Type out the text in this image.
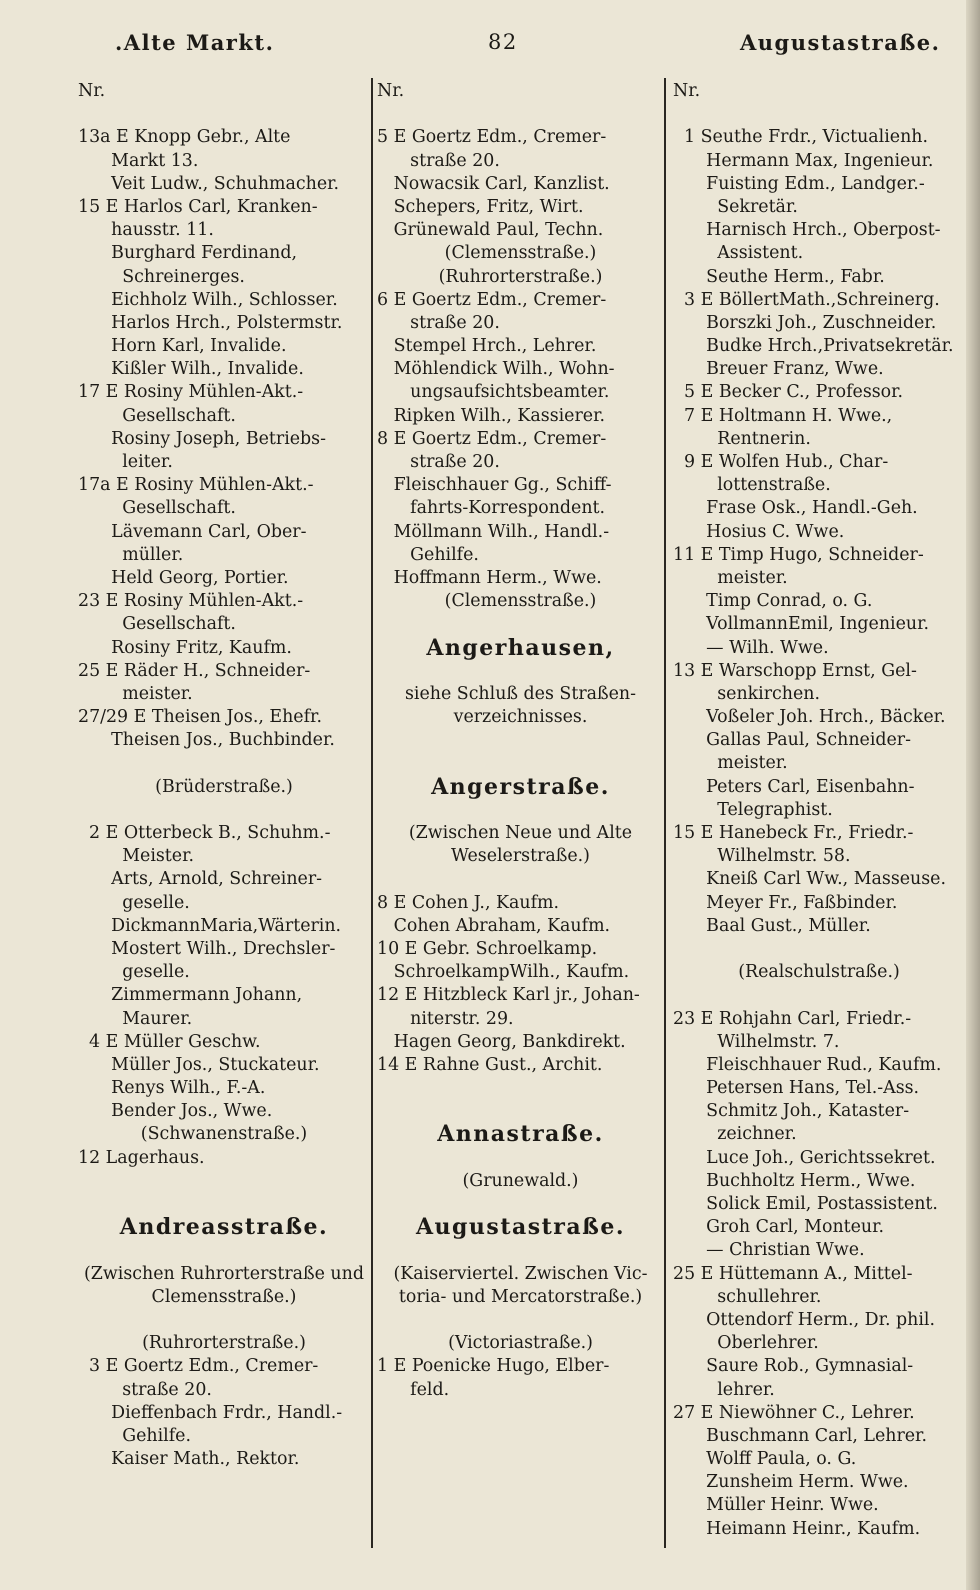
.Alte Markt.	82	Augustastraße.
Nr.
13a E Knopp Gebr., Alte
Markt 13.
Veit Ludw., Schuhmacher.
15 E Harlos Carl, Kranken-
hausstr. 11.
Burghard Ferdinand,
Schreinerges.
Eichholz Wilh., Schlosser.
Harlos Hrch., Polstermstr.
Horn Karl, Invalide.
Kißler Wilh., Invalide.
17 E Rosiny Mühlen-Akt.-
Gesellschaft.
Rosiny Joseph, Betriebs-
leiter.
17a E Rosiny Mühlen-Akt.-
Gesellschaft.
Lävemann Carl, Ober-
müller.
Held Georg, Portier.
23 E Rosiny Mühlen-Akt.-
Gesellschaft.
Rosiny Fritz, Kaufm.
25 E Räder H., Schneider-
meister.
27/29 E Theisen Jos., Ehefr.
Theisen Jos., Buchbinder.
(Brüderstraße.)
2 E Otterbeck B., Schuhm.-
Meister.
Arts, Arnold, Schreiner-
geselle.
DickmannMaria,Wärterin.
Mostert Wilh., Drechsler-
geselle.
Zimmermann Johann,
Maurer.
4 E Müller Geschw.
Müller Jos., Stuckateur.
Renys Wilh., F.-A.
Bender Jos., Wwe.
(Schwanenstraße.)
12 Lagerhaus.
Andreasstraße.
(Zwischen Ruhrorterstraße und
Clemensstraße.)
(Ruhrorterstraße.)
3 E Goertz Edm., Cremer-
straße 20.
Dieffenbach Frdr., Handl.-
Gehilfe.
Kaiser Math., Rektor.
Nr.
5 E Goertz Edm., Cremer-
straße 20.
Nowacsik Carl, Kanzlist.
Schepers, Fritz, Wirt.
Grünewald Paul, Techn.
(Clemensstraße.)
(Ruhrorterstraße.)
6 E Goertz Edm., Cremer-
straße 20.
Stempel Hrch., Lehrer.
Möhlendick Wilh., Wohn-
ungsaufsichtsbeamter.
Ripken Wilh., Kassierer.
8 E Goertz Edm., Cremer-
straße 20.
Fleischhauer Gg., Schiff-
fahrts-Korrespondent.
Möllmann Wilh., Handl.-
Gehilfe.
Hoffmann Herm., Wwe.
(Clemensstraße.)
Angerhausen,
siehe Schluß des Straßen-
verzeichnisses.
Angerstraße.
(Zwischen Neue und Alte
Weselerstraße.)
8 E Cohen J., Kaufm.
Cohen Abraham, Kaufm.
10 E Gebr. Schroelkamp.
SchroelkampWilh., Kaufm.
12 E Hitzbleck Karl jr., Johan-
niterstr. 29.
Hagen Georg, Bankdirekt.
14 E Rahne Gust., Archit.
Annastraße.
(Grunewald.)
Augustastraße.
(Kaiserviertel. Zwischen Vic-
toria- und Mercatorstraße.)
(Victoriastraße.)
1 E Poenicke Hugo, Elber-
feld.
Nr.
1 Seuthe Frdr., Victualienh.
Hermann Max, Ingenieur.
Fuisting Edm., Landger.-
Sekretär.
Harnisch Hrch., Oberpost-
Assistent.
Seuthe Herm., Fabr.
3 E BöllertMath.,Schreinerg.
Borszki Joh., Zuschneider.
Budke Hrch.,Privatsekretär.
Breuer Franz, Wwe.
5 E Becker C., Professor.
7 E Holtmann H. Wwe.,
Rentnerin.
9 E Wolfen Hub., Char-
lottenstraße.
Frase Osk., Handl.-Geh.
Hosius C. Wwe.
11 E Timp Hugo, Schneider-
meister.
Timp Conrad, o. G.
VollmannEmil, Ingenieur.
— Wilh. Wwe.
13 E Warschopp Ernst, Gel-
senkirchen.
Voßeler Joh. Hrch., Bäcker.
Gallas Paul, Schneider-
meister.
Peters Carl, Eisenbahn-
Telegraphist.
15 E Hanebeck Fr., Friedr.-
Wilhelmstr. 58.
Kneiß Carl Ww., Masseuse.
Meyer Fr., Faßbinder.
Baal Gust., Müller.
(Realschulstraße.)
23 E Rohjahn Carl, Friedr.-
Wilhelmstr. 7.
Fleischhauer Rud., Kaufm.
Petersen Hans, Tel.-Ass.
Schmitz Joh., Kataster-
zeichner.
Luce Joh., Gerichtssekret.
Buchholtz Herm., Wwe.
Solick Emil, Postassistent.
Groh Carl, Monteur.
— Christian Wwe.
25 E Hüttemann A., Mittel-
schullehrer.
Ottendorf Herm., Dr. phil.
Oberlehrer.
Saure Rob., Gymnasial-
lehrer.
27 E Niewöhner C., Lehrer.
Buschmann Carl, Lehrer.
Wolff Paula, o. G.
Zunsheim Herm. Wwe.
Müller Heinr. Wwe.
Heimann Heinr., Kaufm.
